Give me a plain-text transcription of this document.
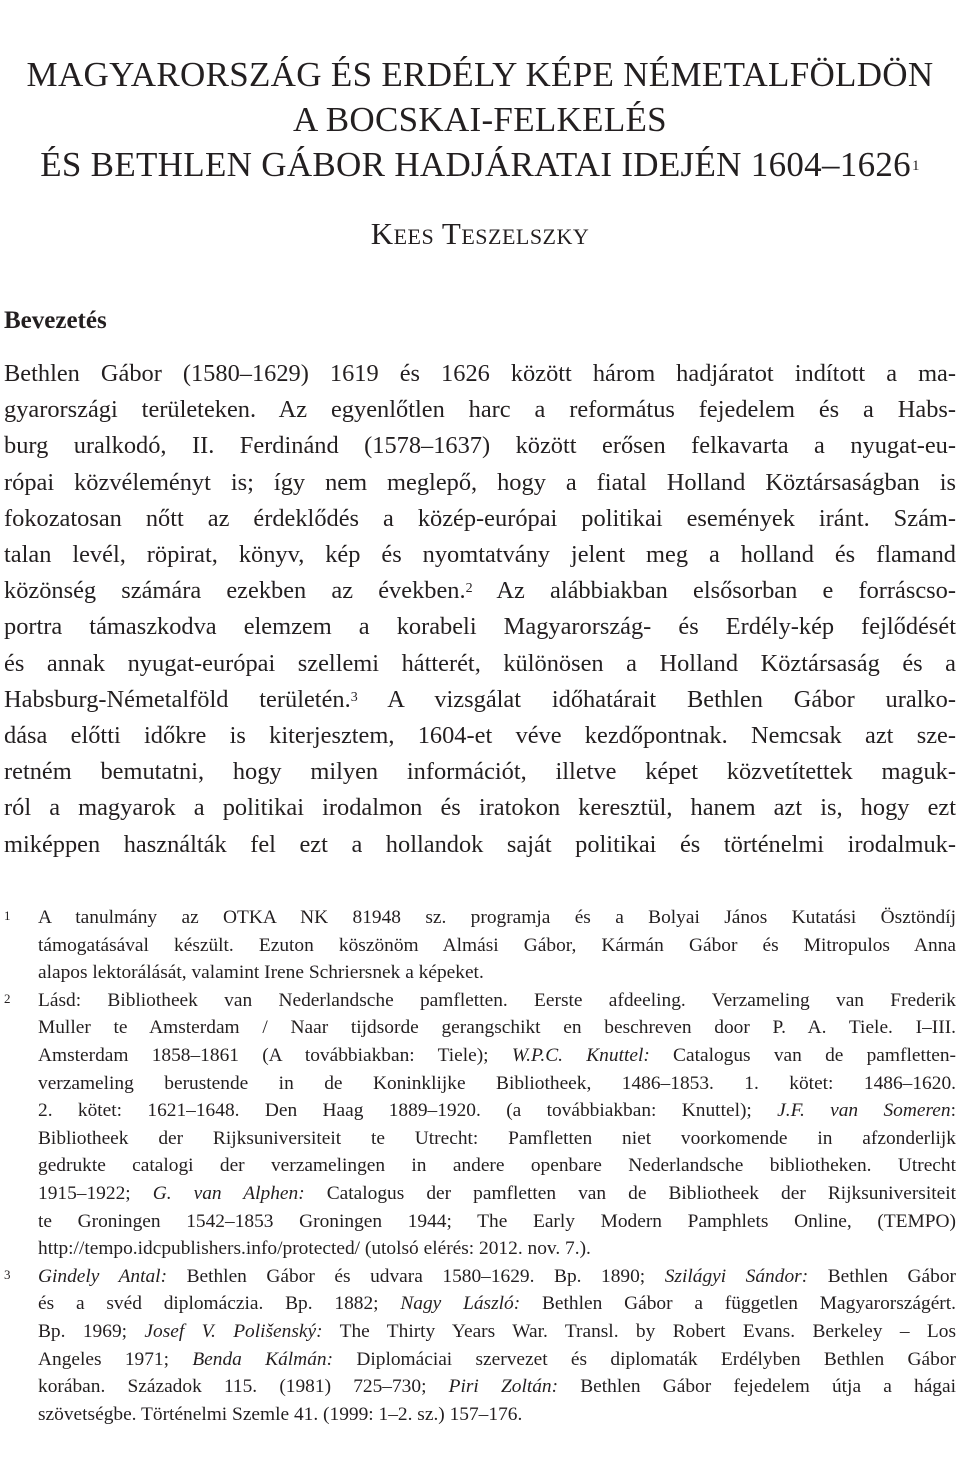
MAGYARORSZÁG ÉS ERDÉLY KÉPE NÉMETALFÖLDÖN
A BOCSKAI-FELKELÉS
ÉS BETHLEN GÁBOR HADJÁRATAI IDEJÉN 1604–1626$^1$
Kees Teszelszky
Bevezetés
Bethlen Gábor (1580–1629) 1619 és 1626 között három hadjáratot indított a ma-
gyarországi területeken. Az egyenlőtlen harc a református fejedelem és a Habs-
burg uralkodó, II. Ferdinánd (1578–1637) között erősen felkavarta a nyugat-eu-
rópai közvéleményt is; így nem meglepő, hogy a fiatal Holland Köztársaságban is
fokozatosan nőtt az érdeklődés a közép-európai politikai események iránt. Szám-
talan levél, röpirat, könyv, kép és nyomtatvány jelent meg a holland és flamand
közönség számára ezekben az években.$^2$ Az alábbiakban elsősorban e forráscso-
portra támaszkodva elemzem a korabeli Magyarország- és Erdély-kép fejlődését
és annak nyugat-európai szellemi hátterét, különösen a Holland Köztársaság és a
Habsburg-Németalföld területén.$^3$ A vizsgálat időhatárait Bethlen Gábor uralko-
dása előtti időkre is kiterjesztem, 1604-et véve kezdőpontnak. Nemcsak azt sze-
retném bemutatni, hogy milyen információt, illetve képet közvetítettek maguk-
ról a magyarok a politikai irodalmon és iratokon keresztül, hanem azt is, hogy ezt
miképpen használták fel ezt a hollandok saját politikai és történelmi irodalmuk-
1 A tanulmány az OTKA NK 81948 sz. programja és a Bolyai János Kutatási Ösztöndíj
támogatásával készült. Ezuton köszönöm Almási Gábor, Kármán Gábor és Mitropulos Anna
alapos lektorálását, valamint Irene Schriersnek a képeket.
2 Lásd: Bibliotheek van Nederlandsche pamfletten. Eerste afdeeling. Verzameling van Frederik
Muller te Amsterdam / Naar tijdsorde gerangschikt en beschreven door P. A. Tiele. I–III.
Amsterdam 1858–1861 (A továbbiakban: Tiele); W.P.C. Knuttel: Catalogus van de pamfletten-
verzameling berustende in de Koninklijke Bibliotheek, 1486–1853. 1. kötet: 1486–1620.
2. kötet: 1621–1648. Den Haag 1889–1920. (a továbbiakban: Knuttel); J.F. van Someren:
Bibliotheek der Rijksuniversiteit te Utrecht: Pamfletten niet voorkomende in afzonderlijk
gedrukte catalogi der verzamelingen in andere openbare Nederlandsche bibliotheken. Utrecht
1915–1922; G. van Alphen: Catalogus der pamfletten van de Bibliotheek der Rijksuniversiteit
te Groningen 1542–1853 Groningen 1944; The Early Modern Pamphlets Online, (TEMPO)
http://tempo.idcpublishers.info/protected/ (utolsó elérés: 2012. nov. 7.).
3 Gindely Antal: Bethlen Gábor és udvara 1580–1629. Bp. 1890; Szilágyi Sándor: Bethlen Gábor
és a svéd diplomáczia. Bp. 1882; Nagy László: Bethlen Gábor a független Magyarországért.
Bp. 1969; Josef V. Polišenský: The Thirty Years War. Transl. by Robert Evans. Berkeley – Los
Angeles 1971; Benda Kálmán: Diplomáciai szervezet és diplomaták Erdélyben Bethlen Gábor
korában. Századok 115. (1981) 725–730; Piri Zoltán: Bethlen Gábor fejedelem útja a hágai
szövetségbe. Történelmi Szemle 41. (1999: 1–2. sz.) 157–176.
